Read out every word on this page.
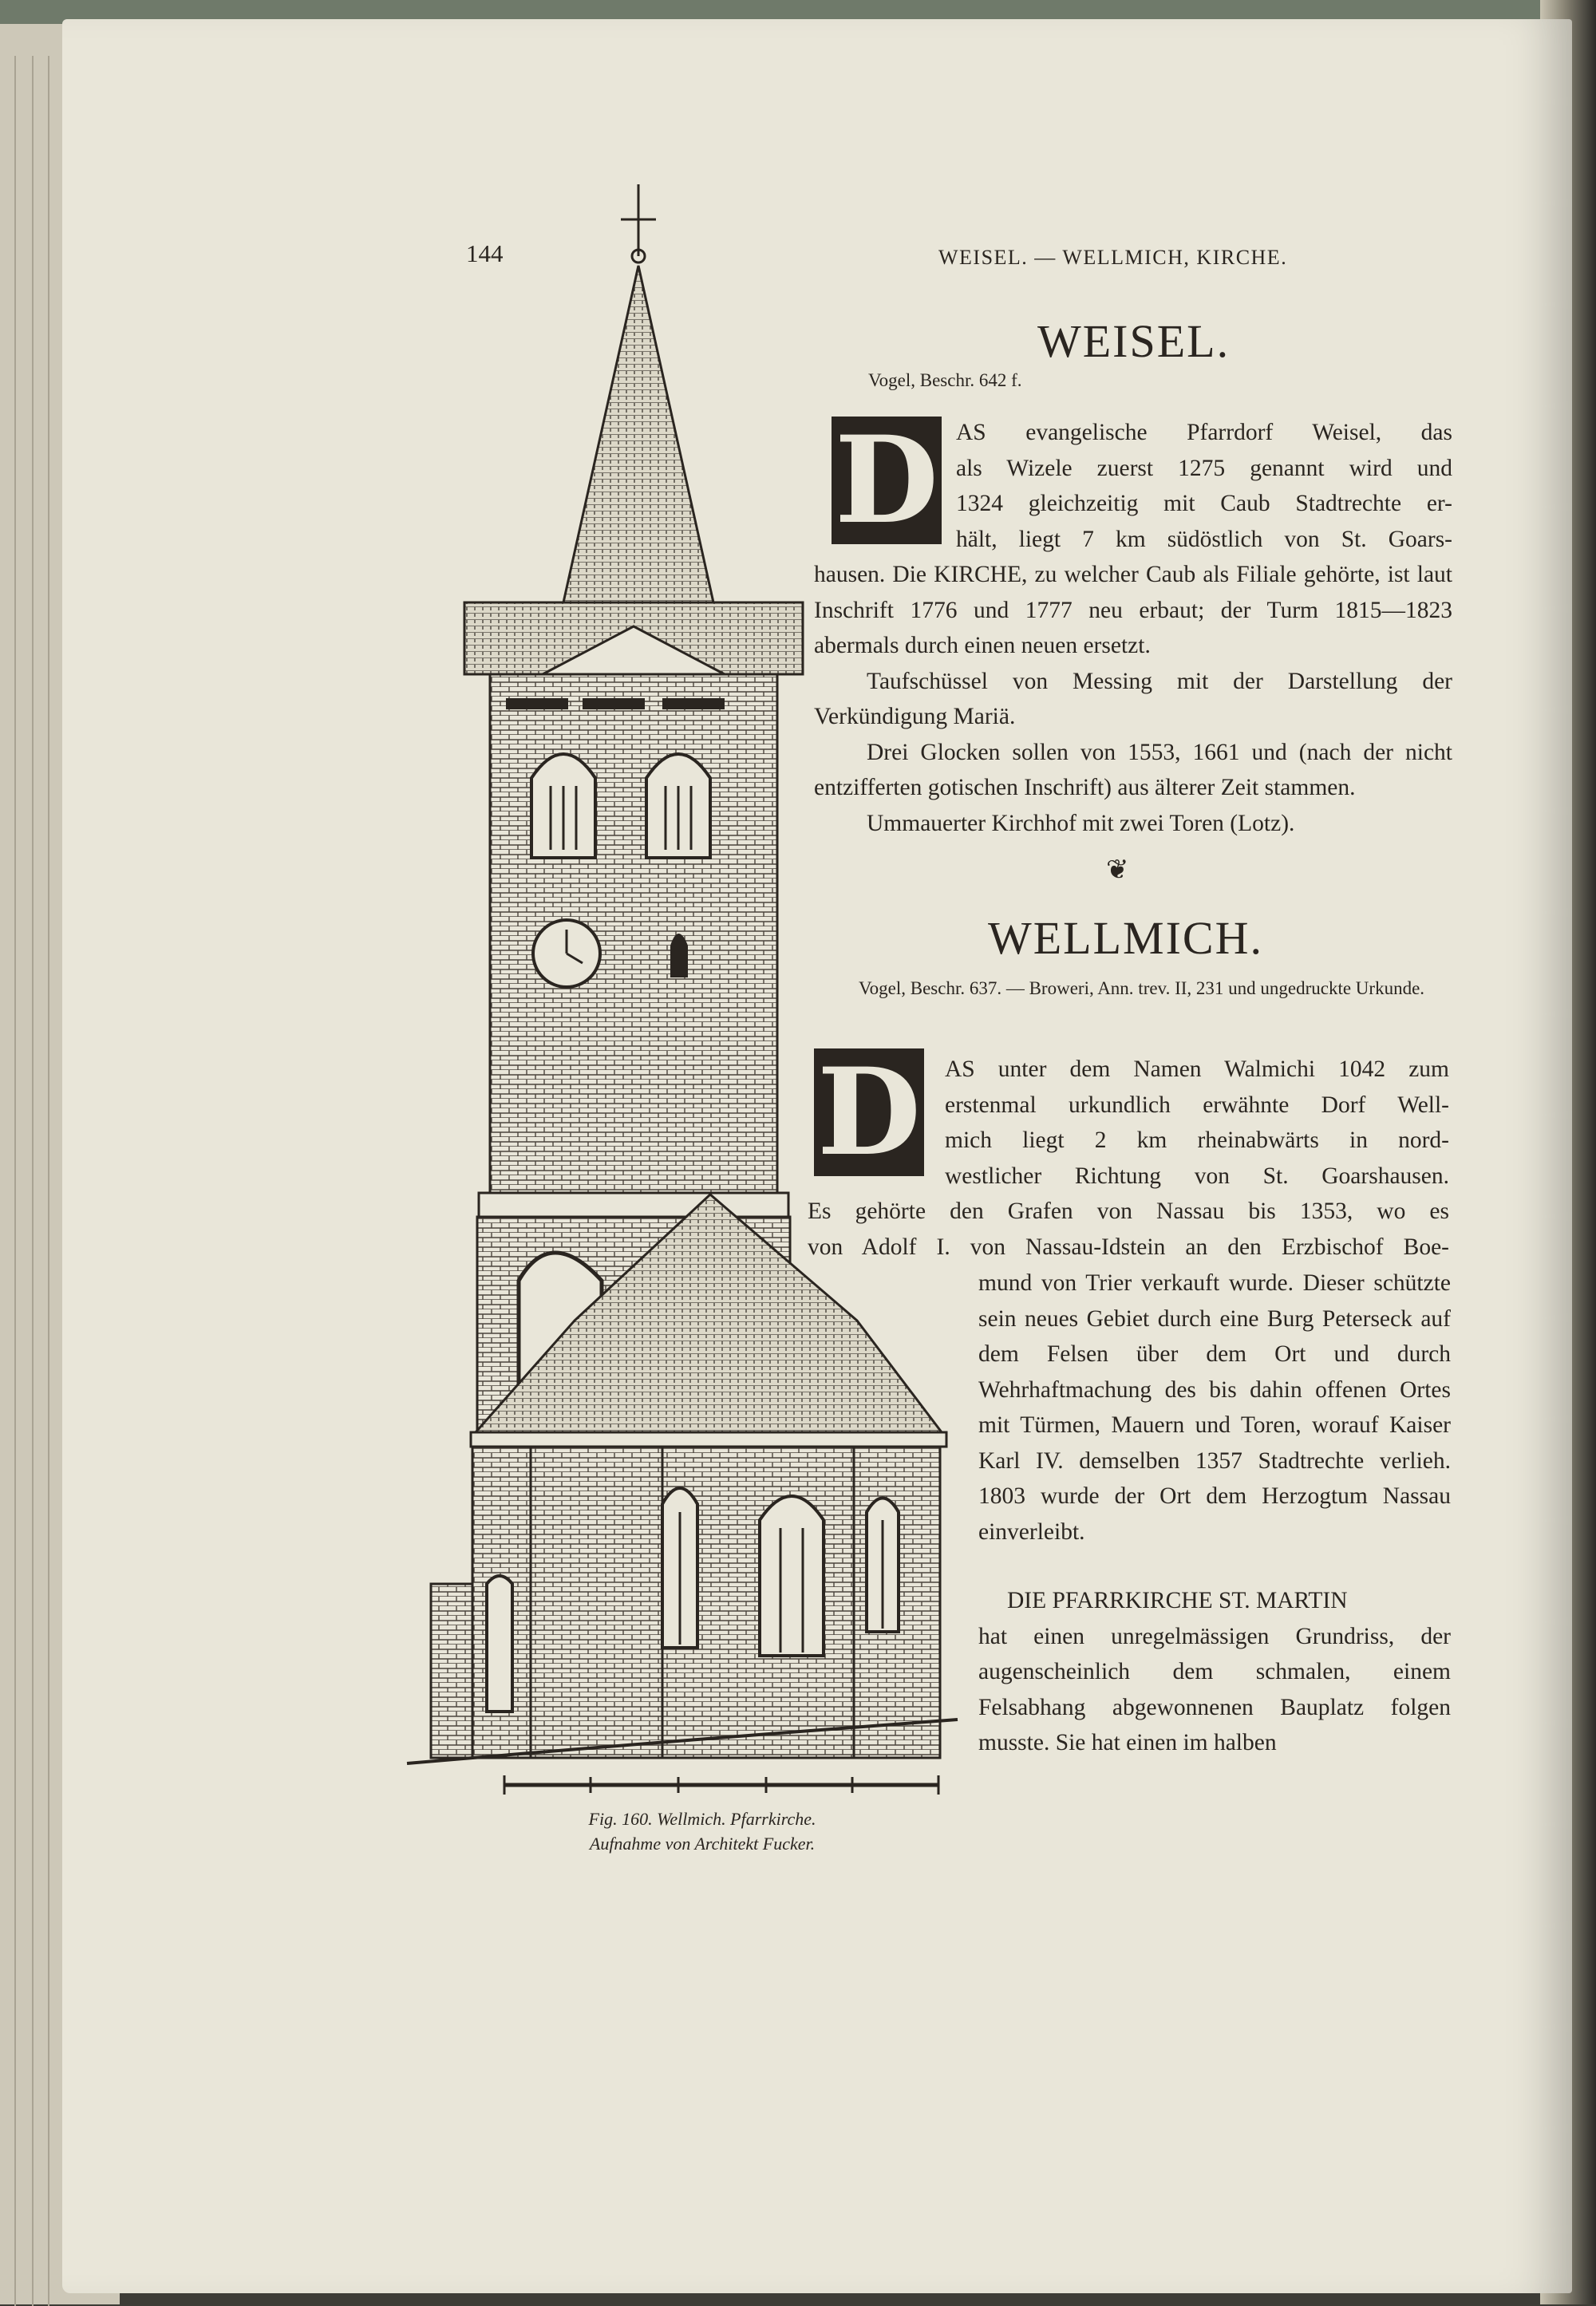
144	WEISEL. — WELLMICH, KIRCHE.
WEISEL.
Vogel, Beschr. 642 f.
D AS evangelische Pfarrdorf Weisel, das

als Wizele zuerst 1275 genannt wird und

1324 gleichzeitig mit Caub Stadtrechte er-

hält, liegt 7 km südöstlich von St. Goars-

hausen. Die KIRCHE, zu welcher Caub als Filiale gehörte, ist laut Inschrift 1776 und 1777 neu erbaut; der Turm 1815—1823 abermals durch einen neuen ersetzt.

Taufschüssel von Messing mit der Darstellung der Verkündigung Mariä.

Drei Glocken sollen von 1553, 1661 und (nach der nicht entzifferten gotischen Inschrift) aus älterer Zeit stammen.

Ummauerter Kirchhof mit zwei Toren (Lotz).

❦
WELLMICH.
Vogel, Beschr. 637. — Broweri, Ann. trev. II, 231 und ungedruckte Urkunde.
D AS unter dem Namen Walmichi 1042 zum

erstenmal urkundlich erwähnte Dorf Well-

mich liegt 2 km rheinabwärts in nord-

westlicher Richtung von St. Goarshausen.

Es gehörte den Grafen von Nassau bis 1353, wo es

von Adolf I. von Nassau-Idstein an den Erzbischof Boe-

mund von Trier verkauft wurde. Dieser schützte sein neues Gebiet durch eine Burg Peterseck auf dem Felsen über dem Ort und durch Wehrhaftmachung des bis dahin offenen Ortes mit Türmen, Mauern und Toren, worauf Kaiser Karl IV. demselben 1357 Stadtrechte verlieh. 1803 wurde der Ort dem Herzogtum Nassau einverleibt.

DIE PFARRKIRCHE ST. MARTIN

hat einen unregelmässigen Grundriss, der augenscheinlich dem schmalen, einem Felsabhang abgewonnenen Bauplatz folgen musste. Sie hat einen im halben

Fig. 160. Wellmich. Pfarrkirche.
Aufnahme von Architekt Fucker.
